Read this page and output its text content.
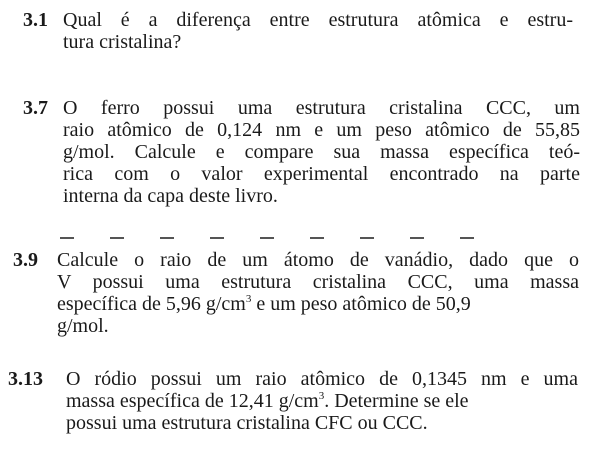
3.1 Qual é a diferença entre estrutura atômica e estru-
tura cristalina?
3.7 O ferro possui uma estrutura cristalina CCC, um
raio atômico de 0,124 nm e um peso atômico de 55,85
g/mol. Calcule e compare sua massa específica teó-
rica com o valor experimental encontrado na parte
interna da capa deste livro.
3.9 Calcule o raio de um átomo de vanádio, dado que o
V possui uma estrutura cristalina CCC, uma massa
específica de 5,96 $g/cm^3$ e um peso atômico de 50,9
g/mol.
3.13 O ródio possui um raio atômico de 0,1345 nm e uma
massa específica de 12,41 $g/cm^3$. Determine se ele
possui uma estrutura cristalina CFC ou CCC.
